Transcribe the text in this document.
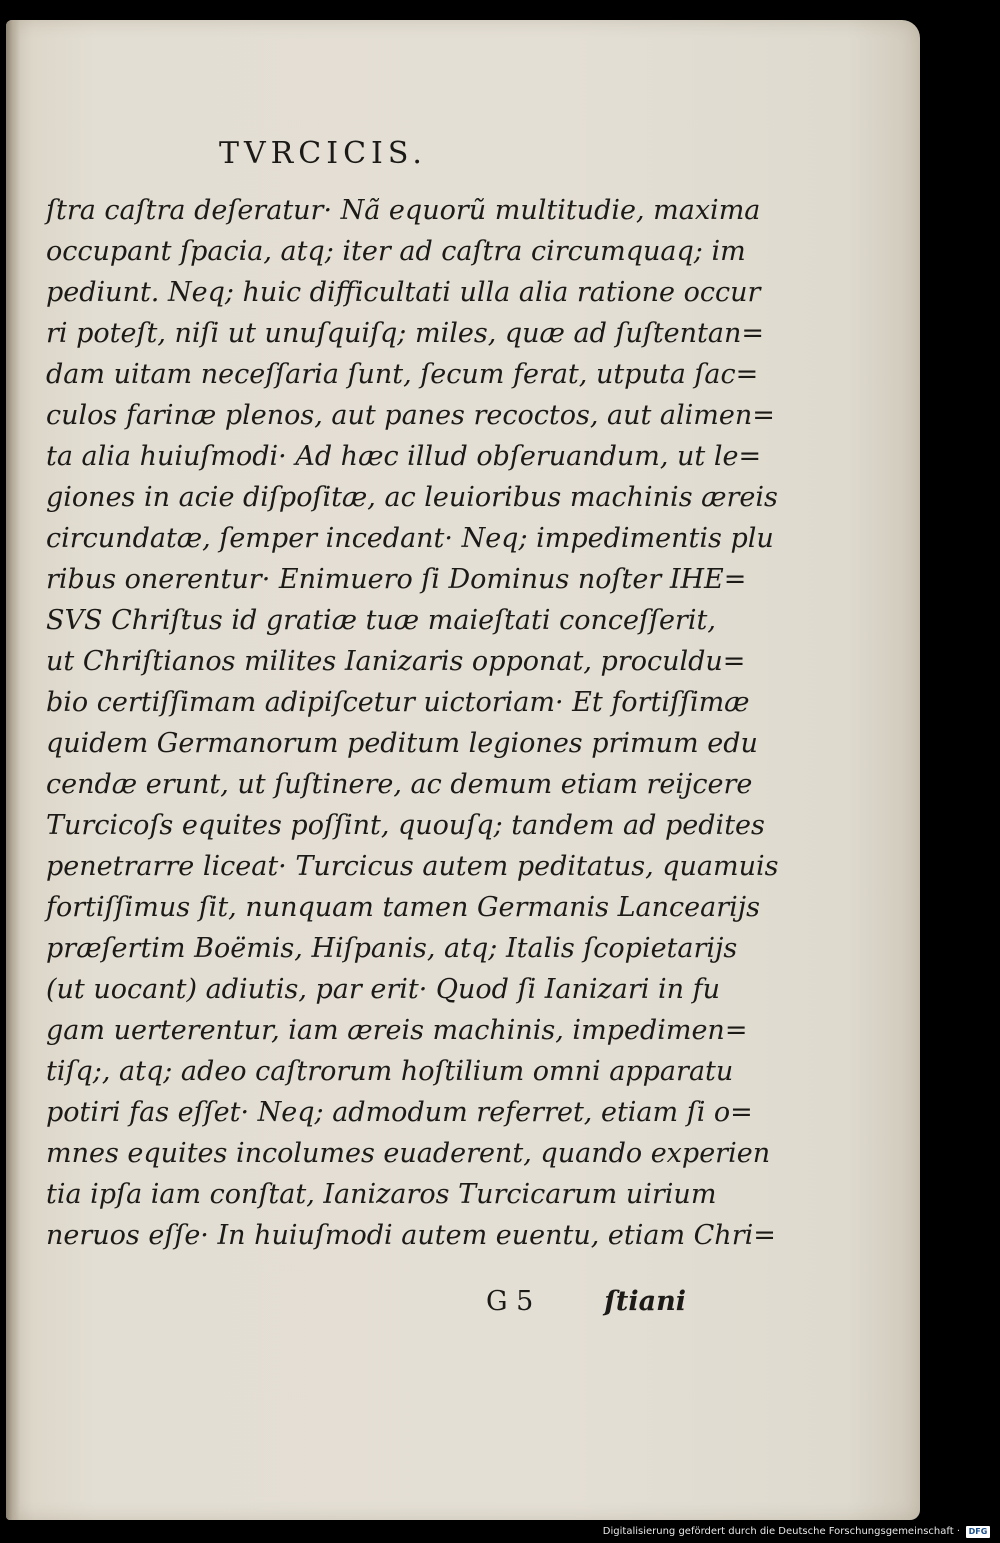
TVRCICIS.
ſtra caſtra deſeratur· Nã equorũ multitudie, maxima
occupant ſpacia, atq; iter ad caſtra circumquaq; im
pediunt. Neq; huic difficultati ulla alia ratione occur
ri poteſt, niſi ut unuſquiſq; miles, quæ ad ſuſtentan=
dam uitam neceſſaria ſunt, ſecum ferat, utputa ſac=
culos farinæ plenos, aut panes recoctos, aut alimen=
ta alia huiuſmodi· Ad hæc illud obſeruandum, ut le=
giones in acie diſpoſitæ, ac leuioribus machinis æreis
circundatæ, ſemper incedant· Neq; impedimentis plu
ribus onerentur· Enimuero ſi Dominus noſter IHE=
SVS Chriſtus id gratiæ tuæ maieſtati conceſſerit,
ut Chriſtianos milites Ianizaris opponat, proculdu=
bio certiſſimam adipiſcetur uictoriam· Et fortiſſimæ
quidem Germanorum peditum legiones primum edu
cendæ erunt, ut ſuſtinere, ac demum etiam reijcere
Turcicoſs equites poſſint, quouſq; tandem ad pedites
penetrarre liceat· Turcicus autem peditatus, quamuis
fortiſſimus ſit, nunquam tamen Germanis Lancearijs
præſertim Boëmis, Hiſpanis, atq; Italis ſcopietarijs
(ut uocant) adiutis, par erit· Quod ſi Ianizari in fu
gam uerterentur, iam æreis machinis, impedimen=
tiſq;, atq; adeo caſtrorum hoſtilium omni apparatu
potiri fas eſſet· Neq; admodum referret, etiam ſi o=
mnes equites incolumes euaderent, quando experien
tia ipſa iam conſtat, Ianizaros Turcicarum uirium
neruos eſſe· In huiuſmodi autem euentu, etiam Chri=
G 5	ſtiani
Digitalisierung gefördert durch die Deutsche Forschungsgemeinschaft ·	DFG
